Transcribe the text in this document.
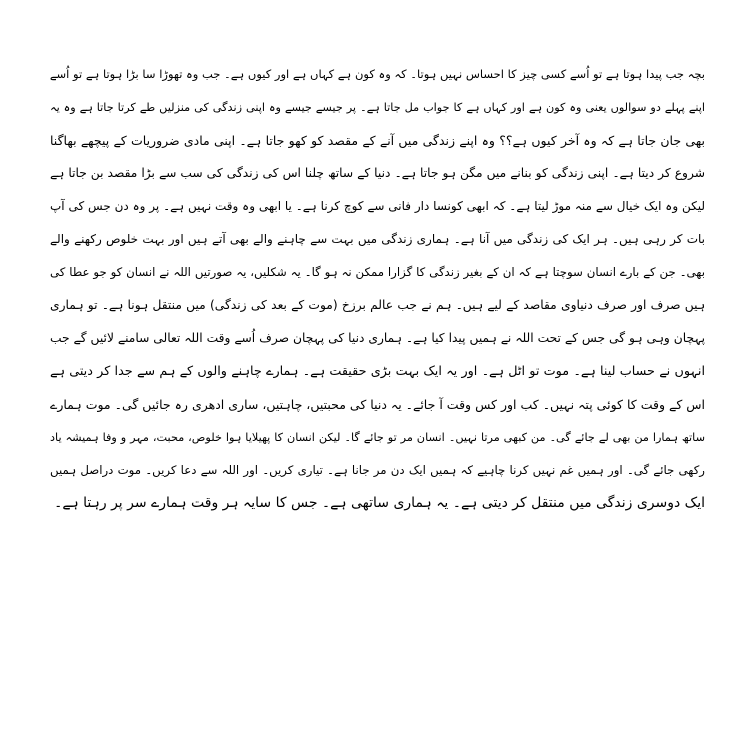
بچہ جب پیدا ہوتا ہے تو اُسے کسی چیز کا احساس نہیں ہوتا۔ کہ وہ کون ہے کہاں ہے اور کیوں ہے۔ جب وہ تھوڑا سا بڑا ہوتا ہے تو اُسے
اپنے پہلے دو سوالوں یعنی وہ کون ہے اور کہاں ہے کا جواب مل جاتا ہے۔ پر جیسے جیسے وہ اپنی زندگی کی منزلیں طے کرتا جاتا ہے وہ یہ
بھی جان جاتا ہے کہ وہ آخر کیوں ہے؟؟ وہ اپنے زندگی میں آنے کے مقصد کو کھو جاتا ہے۔ اپنی مادی ضروریات کے پیچھے بھاگنا
شروع کر دیتا ہے۔ اپنی زندگی کو بنانے میں مگن ہو جاتا ہے۔ دنیا کے ساتھ چلنا اس کی زندگی کی سب سے بڑا مقصد بن جاتا ہے
لیکن وہ ایک خیال سے منہ موڑ لیتا ہے۔ کہ ابھی کونسا دار فانی سے کوچ کرنا ہے۔ یا ابھی وہ وقت نہیں ہے۔ پر وہ دن جس کی آپ
بات کر رہی ہیں۔ ہر ایک کی زندگی میں آنا ہے۔ ہماری زندگی میں بہت سے چاہنے والے بھی آتے ہیں اور بہت خلوص رکھنے والے
بھی۔ جن کے بارے انسان سوچتا ہے کہ ان کے بغیر زندگی کا گزارا ممکن نہ ہو گا۔ یہ شکلیں، یہ صورتیں اللہ نے انسان کو جو عطا کی
ہیں صرف اور صرف دنیاوی مقاصد کے لیے ہیں۔ ہم نے جب عالم برزخ (موت کے بعد کی زندگی) میں منتقل ہونا ہے۔ تو ہماری
پہچان وہی ہو گی جس کے تحت اللہ نے ہمیں پیدا کیا ہے۔ ہماری دنیا کی پہچان صرف اُسے وقت اللہ تعالی سامنے لائیں گے جب
انہوں نے حساب لینا ہے۔ موت تو اٹل ہے۔ اور یہ ایک بہت بڑی حقیقت ہے۔ ہمارے چاہنے والوں کے ہم سے جدا کر دیتی ہے
اس کے وقت کا کوئی پتہ نہیں۔ کب اور کس وقت آ جائے۔ یہ دنیا کی محبتیں، چاہتیں، ساری ادھری رہ جائیں گی۔ موت ہمارے
ساتھ ہمارا من بھی لے جائے گی۔ من کبھی مرتا نہیں۔ انسان مر تو جائے گا۔ لیکن انسان کا پھیلایا ہوا خلوص، محبت، مہر و وفا ہمیشہ یاد
رکھی جائے گی۔ اور ہمیں غم نہیں کرنا چاہیے کہ ہمیں ایک دن مر جانا ہے۔ تیاری کریں۔ اور اللہ سے دعا کریں۔ موت دراصل ہمیں
ایک دوسری زندگی میں منتقل کر دیتی ہے۔ یہ ہماری ساتھی ہے۔ جس کا سایہ ہر وقت ہمارے سر پر رہتا ہے۔
